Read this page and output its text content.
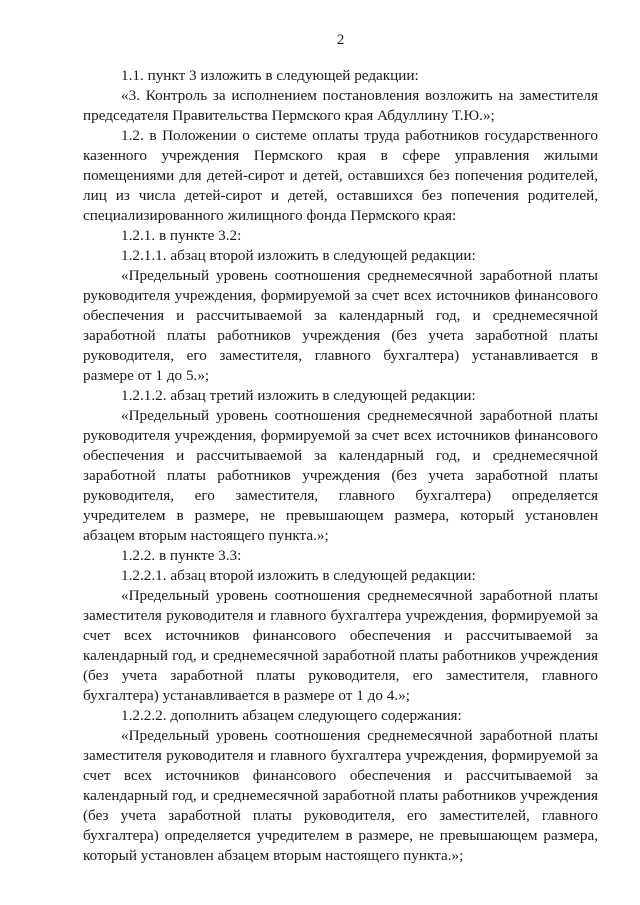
2

1.1. пункт 3 изложить в следующей редакции:

«3. Контроль за исполнением постановления возложить на заместителя председателя Правительства Пермского края Абдуллину Т.Ю.»;

1.2. в Положении о системе оплаты труда работников государственного казенного учреждения Пермского края в сфере управления жилыми помещениями для детей-сирот и детей, оставшихся без попечения родителей, лиц из числа детей-сирот и детей, оставшихся без попечения родителей, специализированного жилищного фонда Пермского края:

1.2.1. в пункте 3.2:

1.2.1.1. абзац второй изложить в следующей редакции:

«Предельный уровень соотношения среднемесячной заработной платы руководителя учреждения, формируемой за счет всех источников финансового обеспечения и рассчитываемой за календарный год, и среднемесячной заработной платы работников учреждения (без учета заработной платы руководителя, его заместителя, главного бухгалтера) устанавливается в размере от 1 до 5.»;

1.2.1.2. абзац третий изложить в следующей редакции:

«Предельный уровень соотношения среднемесячной заработной платы руководителя учреждения, формируемой за счет всех источников финансового обеспечения и рассчитываемой за календарный год, и среднемесячной заработной платы работников учреждения (без учета заработной платы руководителя, его заместителя, главного бухгалтера) определяется учредителем в размере, не превышающем размера, который установлен абзацем вторым настоящего пункта.»;

1.2.2. в пункте 3.3:

1.2.2.1. абзац второй изложить в следующей редакции:

«Предельный уровень соотношения среднемесячной заработной платы заместителя руководителя и главного бухгалтера учреждения, формируемой за счет всех источников финансового обеспечения и рассчитываемой за календарный год, и среднемесячной заработной платы работников учреждения (без учета заработной платы руководителя, его заместителя, главного бухгалтера) устанавливается в размере от 1 до 4.»;

1.2.2.2. дополнить абзацем следующего содержания:

«Предельный уровень соотношения среднемесячной заработной платы заместителя руководителя и главного бухгалтера учреждения, формируемой за счет всех источников финансового обеспечения и рассчитываемой за календарный год, и среднемесячной заработной платы работников учреждения (без учета заработной платы руководителя, его заместителей, главного бухгалтера) определяется учредителем в размере, не превышающем размера, который установлен абзацем вторым настоящего пункта.»;
